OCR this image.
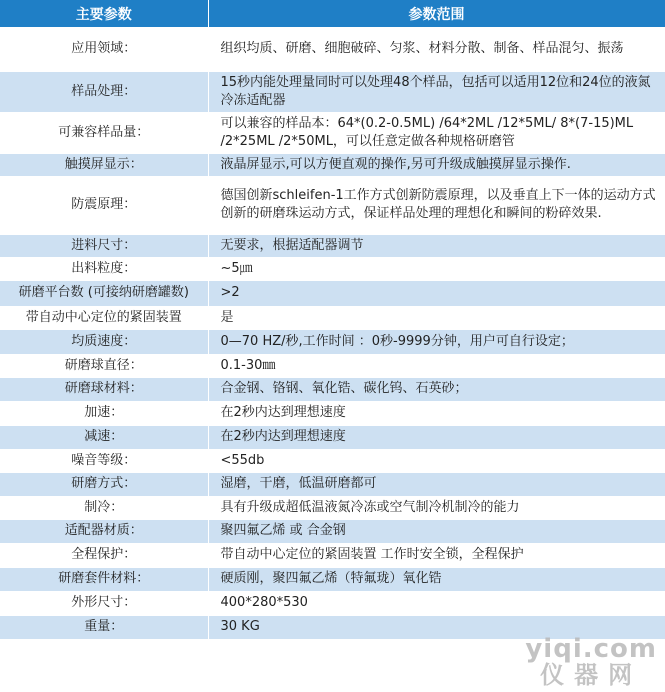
主要参数	参数范围
应用领域：	组织均质、研磨、细胞破碎、匀浆、材料分散、制备、样品混匀、振荡
样品处理：	15秒内能处理量同时可以处理48个样品，包括可以适用12位和24位的液氮冷冻适配器
可兼容样品量：	可以兼容的样品本：64*(0.2-0.5ML) /64*2ML /12*5ML/ 8*(7-15)ML /2*25ML /2*50ML，可以任意定做各种规格研磨管
触摸屏显示：	液晶屏显示,可以方便直观的操作,另可升级成触摸屏显示操作.
防震原理：	德国创新schleifen-1工作方式创新防震原理，以及垂直上下一体的运动方式创新的研磨珠运动方式，保证样品处理的理想化和瞬间的粉碎效果.
进料尺寸：	无要求，根据适配器调节
出料粒度：	~5㎛
研磨平台数 (可接纳研磨罐数)	>2
带自动中心定位的紧固装置	是
均质速度：	0—70 HZ/秒,工作时间 ：0秒-9999分钟，用户可自行设定；
研磨球直径：	0.1-30㎜
研磨球材料：	合金钢、铬钢、氧化锆、碳化钨、石英砂；
加速：	在2秒内达到理想速度
减速：	在2秒内达到理想速度
噪音等级：	<55db
研磨方式：	湿磨，干磨，低温研磨都可
制冷：	具有升级成超低温液氮冷冻或空气制冷机制冷的能力
适配器材质：	聚四氟乙烯 或 合金钢
全程保护：	带自动中心定位的紧固装置 工作时安全锁，全程保护
研磨套件材料：	硬质刚，聚四氟乙烯（特氟珑）氧化锆
外形尺寸：	400*280*530
重量：	30 KG
yiqi.com
仪器网
